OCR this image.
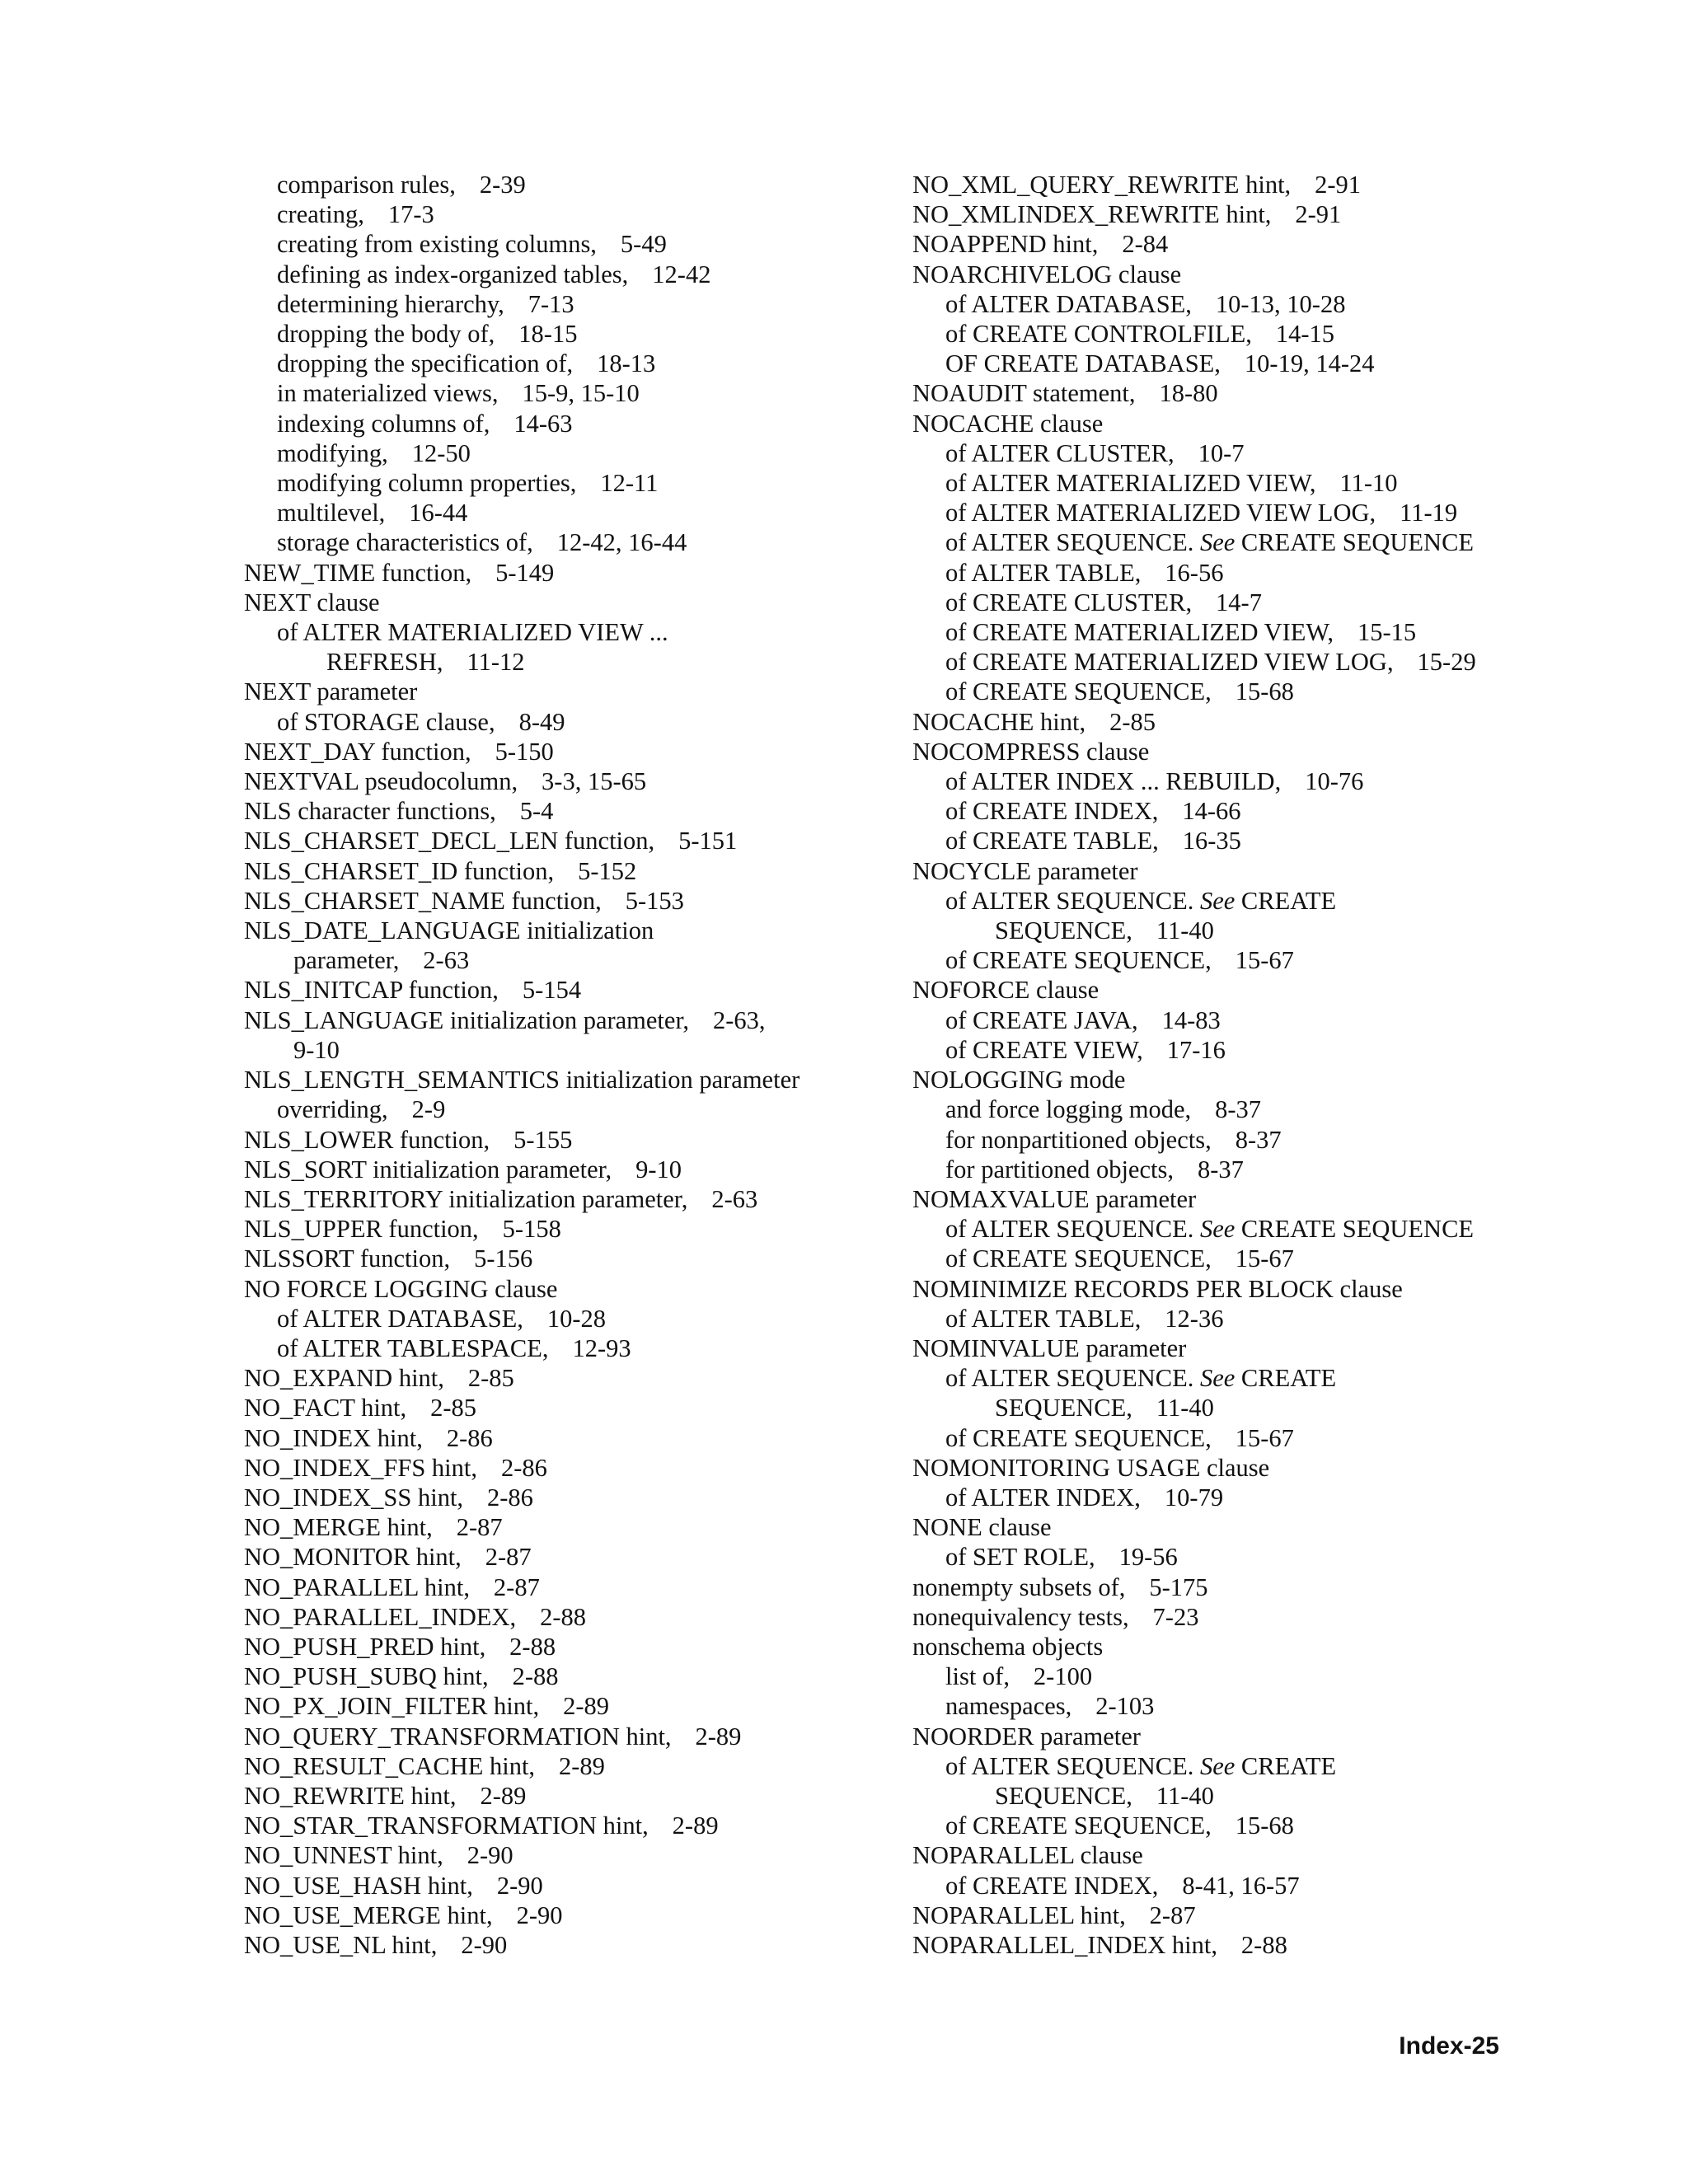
comparison rules, 2-39
creating, 17-3
creating from existing columns, 5-49
defining as index-organized tables, 12-42
determining hierarchy, 7-13
dropping the body of, 18-15
dropping the specification of, 18-13
in materialized views, 15-9, 15-10
indexing columns of, 14-63
modifying, 12-50
modifying column properties, 12-11
multilevel, 16-44
storage characteristics of, 12-42, 16-44
NEW_TIME function, 5-149
NEXT clause
of ALTER MATERIALIZED VIEW ...
REFRESH, 11-12
NEXT parameter
of STORAGE clause, 8-49
NEXT_DAY function, 5-150
NEXTVAL pseudocolumn, 3-3, 15-65
NLS character functions, 5-4
NLS_CHARSET_DECL_LEN function, 5-151
NLS_CHARSET_ID function, 5-152
NLS_CHARSET_NAME function, 5-153
NLS_DATE_LANGUAGE initialization
parameter, 2-63
NLS_INITCAP function, 5-154
NLS_LANGUAGE initialization parameter, 2-63,
9-10
NLS_LENGTH_SEMANTICS initialization parameter
overriding, 2-9
NLS_LOWER function, 5-155
NLS_SORT initialization parameter, 9-10
NLS_TERRITORY initialization parameter, 2-63
NLS_UPPER function, 5-158
NLSSORT function, 5-156
NO FORCE LOGGING clause
of ALTER DATABASE, 10-28
of ALTER TABLESPACE, 12-93
NO_EXPAND hint, 2-85
NO_FACT hint, 2-85
NO_INDEX hint, 2-86
NO_INDEX_FFS hint, 2-86
NO_INDEX_SS hint, 2-86
NO_MERGE hint, 2-87
NO_MONITOR hint, 2-87
NO_PARALLEL hint, 2-87
NO_PARALLEL_INDEX, 2-88
NO_PUSH_PRED hint, 2-88
NO_PUSH_SUBQ hint, 2-88
NO_PX_JOIN_FILTER hint, 2-89
NO_QUERY_TRANSFORMATION hint, 2-89
NO_RESULT_CACHE hint, 2-89
NO_REWRITE hint, 2-89
NO_STAR_TRANSFORMATION hint, 2-89
NO_UNNEST hint, 2-90
NO_USE_HASH hint, 2-90
NO_USE_MERGE hint, 2-90
NO_USE_NL hint, 2-90
NO_XML_QUERY_REWRITE hint, 2-91
NO_XMLINDEX_REWRITE hint, 2-91
NOAPPEND hint, 2-84
NOARCHIVELOG clause
of ALTER DATABASE, 10-13, 10-28
of CREATE CONTROLFILE, 14-15
OF CREATE DATABASE, 10-19, 14-24
NOAUDIT statement, 18-80
NOCACHE clause
of ALTER CLUSTER, 10-7
of ALTER MATERIALIZED VIEW, 11-10
of ALTER MATERIALIZED VIEW LOG, 11-19
of ALTER SEQUENCE. See CREATE SEQUENCE
of ALTER TABLE, 16-56
of CREATE CLUSTER, 14-7
of CREATE MATERIALIZED VIEW, 15-15
of CREATE MATERIALIZED VIEW LOG, 15-29
of CREATE SEQUENCE, 15-68
NOCACHE hint, 2-85
NOCOMPRESS clause
of ALTER INDEX ... REBUILD, 10-76
of CREATE INDEX, 14-66
of CREATE TABLE, 16-35
NOCYCLE parameter
of ALTER SEQUENCE. See CREATE
SEQUENCE, 11-40
of CREATE SEQUENCE, 15-67
NOFORCE clause
of CREATE JAVA, 14-83
of CREATE VIEW, 17-16
NOLOGGING mode
and force logging mode, 8-37
for nonpartitioned objects, 8-37
for partitioned objects, 8-37
NOMAXVALUE parameter
of ALTER SEQUENCE. See CREATE SEQUENCE
of CREATE SEQUENCE, 15-67
NOMINIMIZE RECORDS PER BLOCK clause
of ALTER TABLE, 12-36
NOMINVALUE parameter
of ALTER SEQUENCE. See CREATE
SEQUENCE, 11-40
of CREATE SEQUENCE, 15-67
NOMONITORING USAGE clause
of ALTER INDEX, 10-79
NONE clause
of SET ROLE, 19-56
nonempty subsets of, 5-175
nonequivalency tests, 7-23
nonschema objects
list of, 2-100
namespaces, 2-103
NOORDER parameter
of ALTER SEQUENCE. See CREATE
SEQUENCE, 11-40
of CREATE SEQUENCE, 15-68
NOPARALLEL clause
of CREATE INDEX, 8-41, 16-57
NOPARALLEL hint, 2-87
NOPARALLEL_INDEX hint, 2-88
Index-25
